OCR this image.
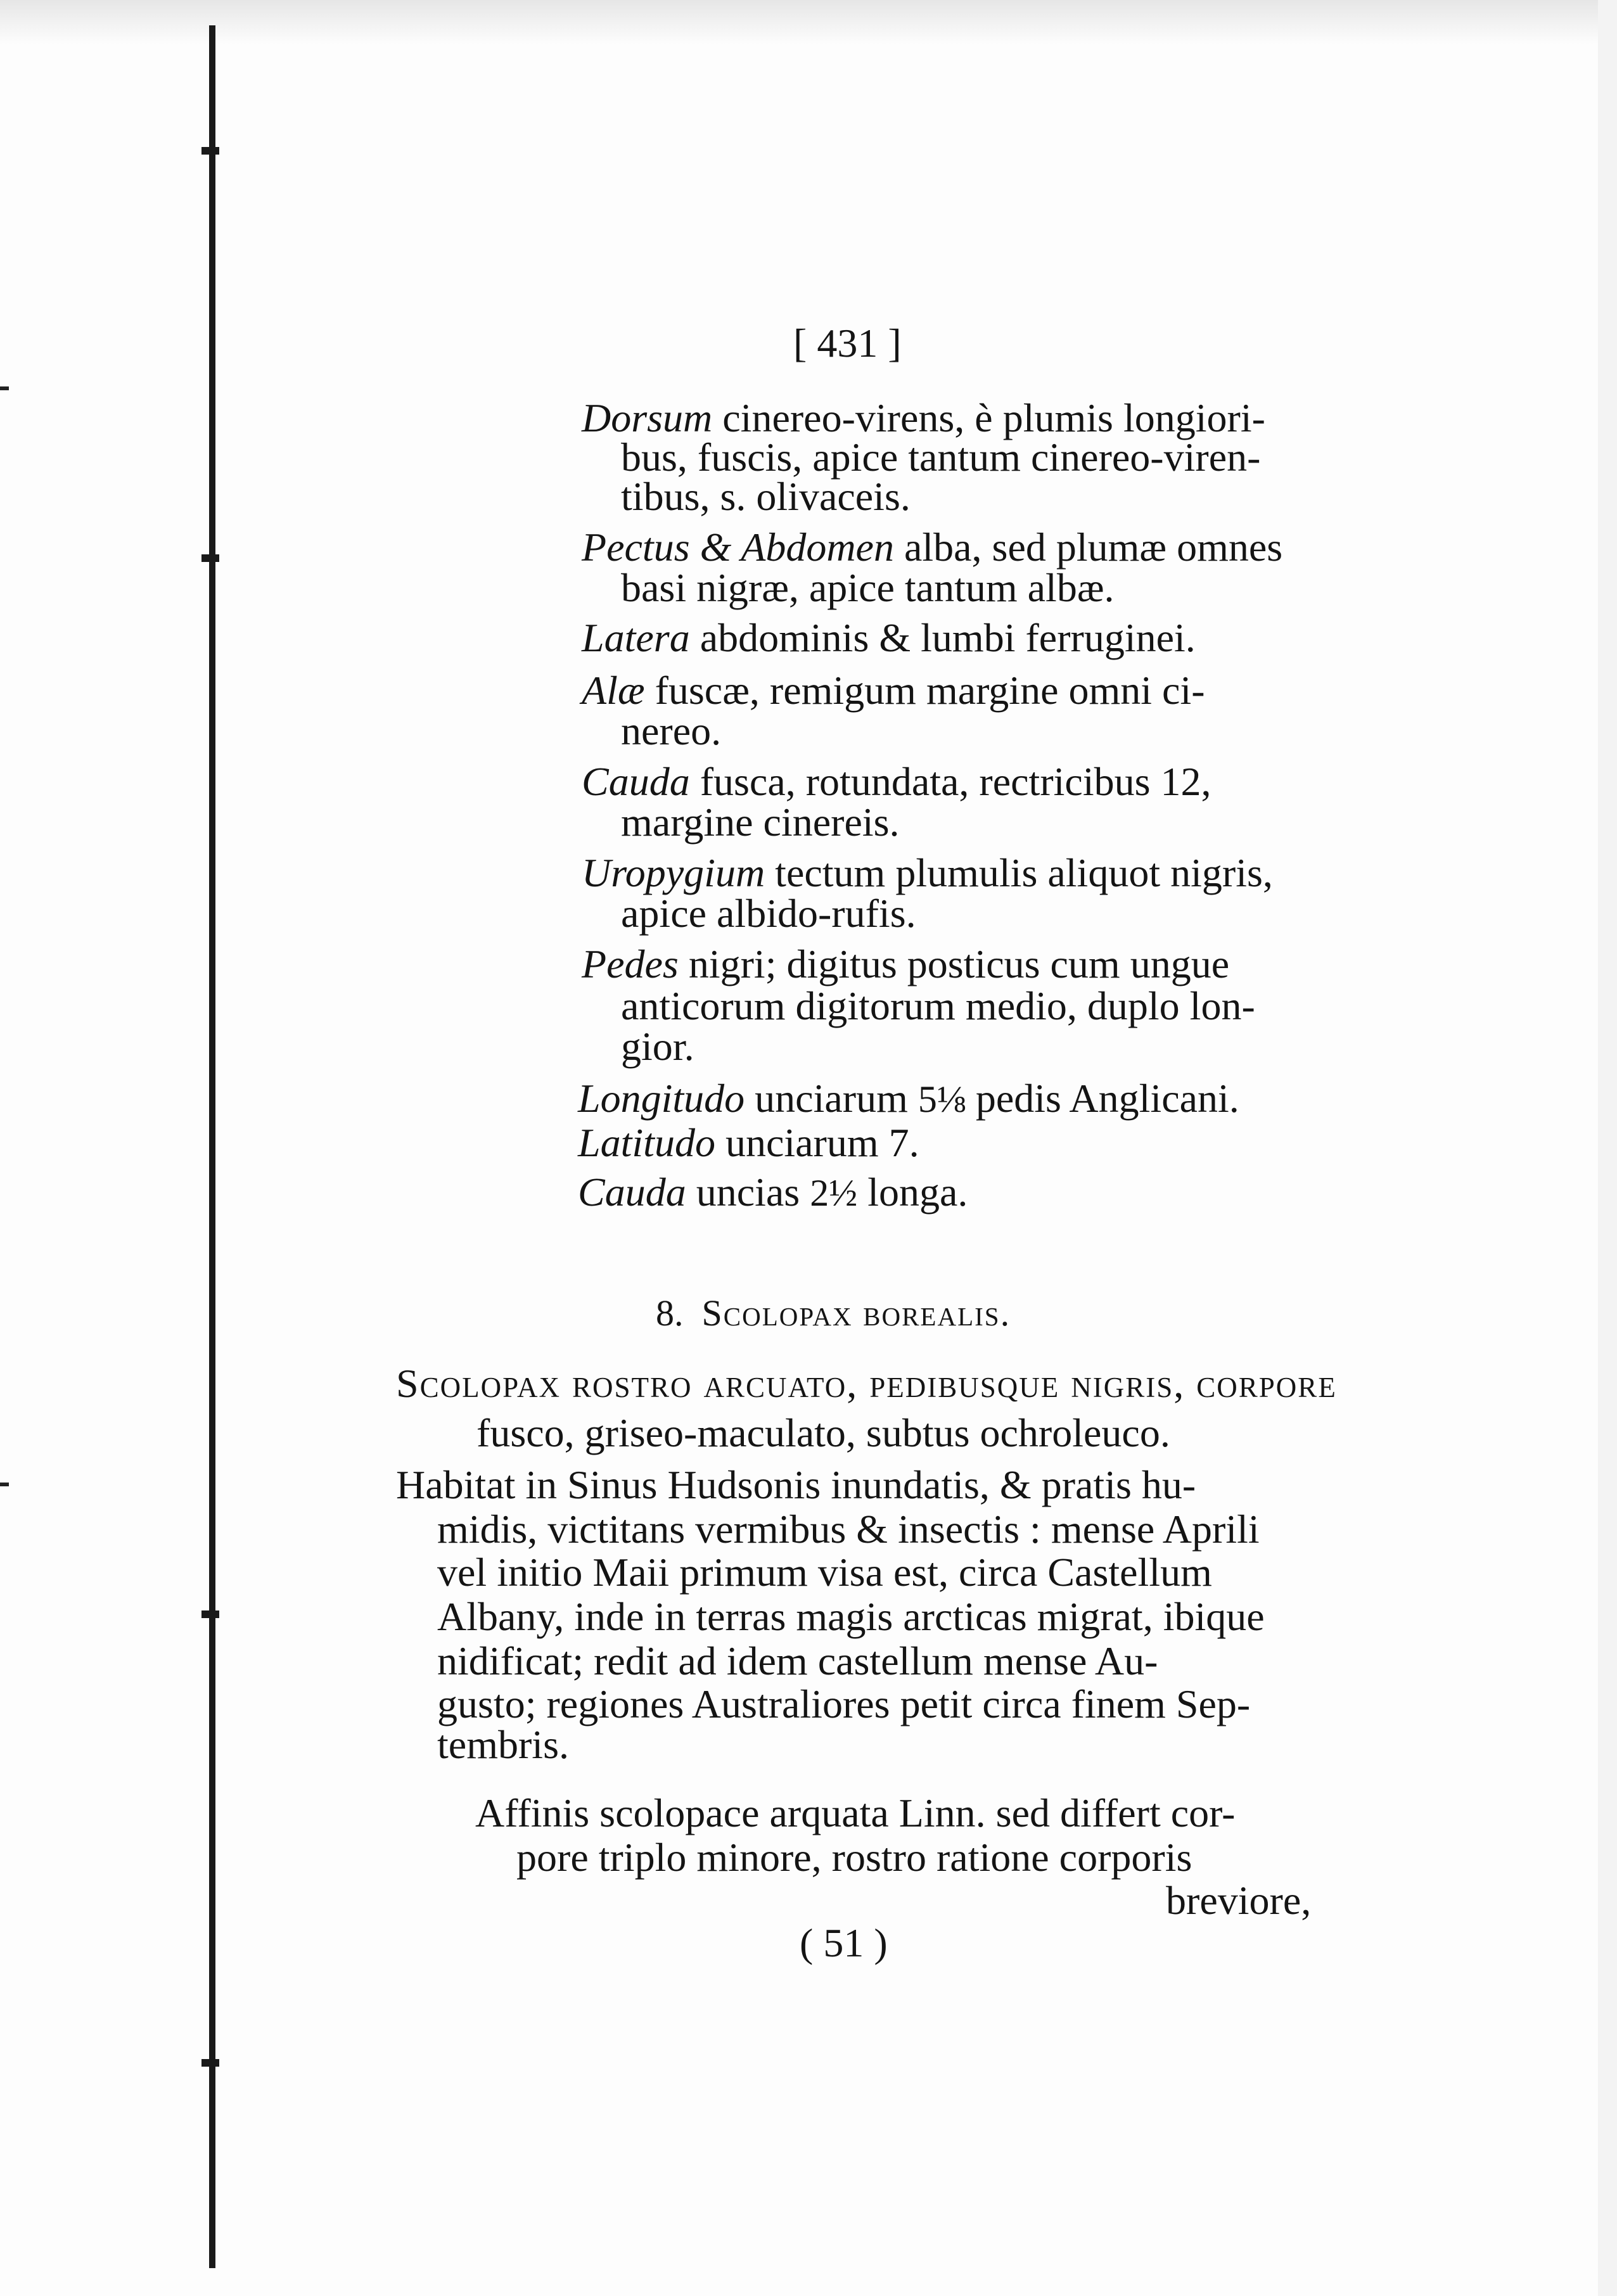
[ 431 ]
Dorsum cinereo-virens, è plumis longiori-
bus, fuscis, apice tantum cinereo-viren-
tibus, s. olivaceis.
Pectus & Abdomen alba, sed plumæ omnes
basi nigræ, apice tantum albæ.
Latera abdominis & lumbi ferruginei.
Alæ fuscæ, remigum margine omni ci-
nereo.
Cauda fusca, rotundata, rectricibus 12,
margine cinereis.
Uropygium tectum plumulis aliquot nigris,
apice albido-rufis.
Pedes nigri; digitus posticus cum ungue
anticorum digitorum medio, duplo lon-
gior.
Longitudo unciarum 5⅛ pedis Anglicani.
Latitudo unciarum 7.
Cauda uncias 2½ longa.
8. Scolopax borealis.
Scolopax rostro arcuato, pedibusque nigris, corpore
fusco, griseo-maculato, subtus ochroleuco.
Habitat in Sinus Hudsonis inundatis, & pratis hu-
midis, victitans vermibus & insectis : mense Aprili
vel initio Maii primum visa est, circa Castellum
Albany, inde in terras magis arcticas migrat, ibique
nidificat; redit ad idem castellum mense Au-
gusto; regiones Australiores petit circa finem Sep-
tembris.
Affinis scolopace arquata Linn. sed differt cor-
pore triplo minore, rostro ratione corporis
breviore,
( 51 )
